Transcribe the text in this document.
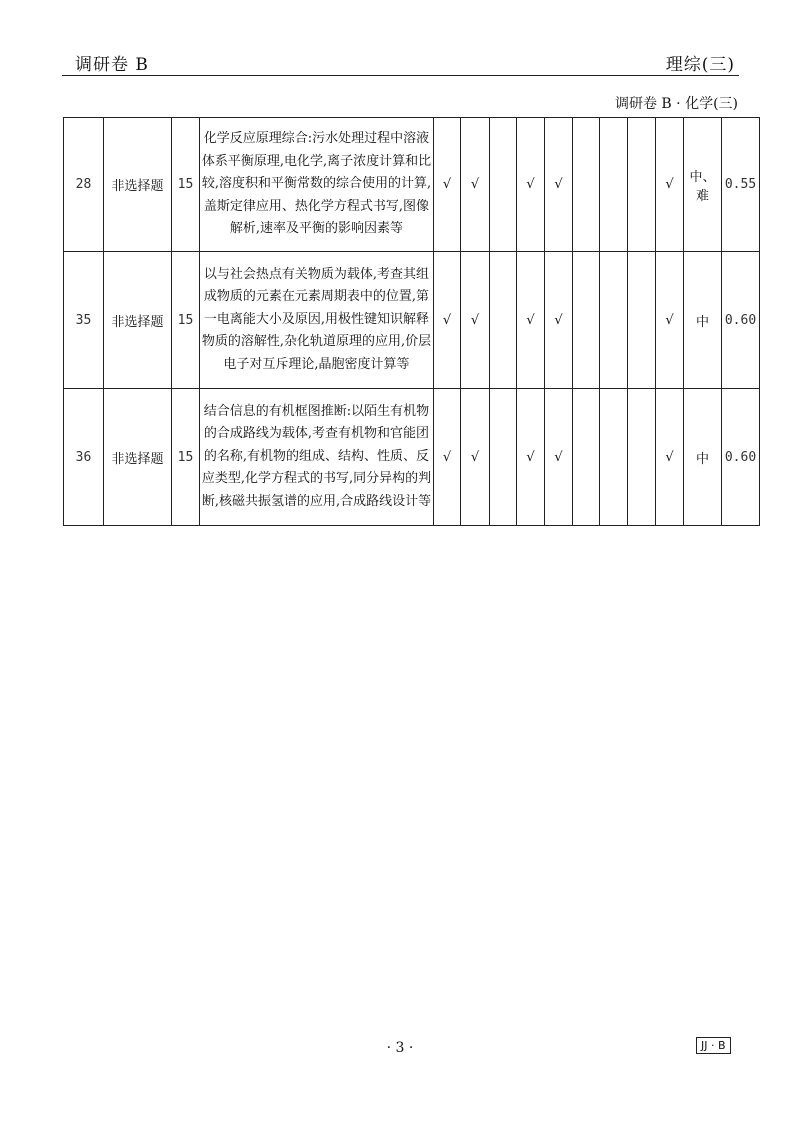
调研卷 B	理综(三)
调研卷 B · 化学(三)
28	非选择题	15	化学反应原理综合:污水处理过程中溶液体系平衡原理,电化学,离子浓度计算和比较,溶度积和平衡常数的综合使用的计算,盖斯定律应用、热化学方程式书写,图像解析,速率及平衡的影响因素等	√	√		√	√				√	中、难	0.55
35	非选择题	15	以与社会热点有关物质为载体,考查其组成物质的元素在元素周期表中的位置,第一电离能大小及原因,用极性键知识解释物质的溶解性,杂化轨道原理的应用,价层电子对互斥理论,晶胞密度计算等	√	√		√	√				√	中	0.60
36	非选择题	15	结合信息的有机框图推断:以陌生有机物的合成路线为载体,考查有机物和官能团的名称,有机物的组成、结构、性质、反应类型,化学方程式的书写,同分异构的判断,核磁共振氢谱的应用,合成路线设计等	√	√		√	√				√	中	0.60
· 3 ·	JJ · B
